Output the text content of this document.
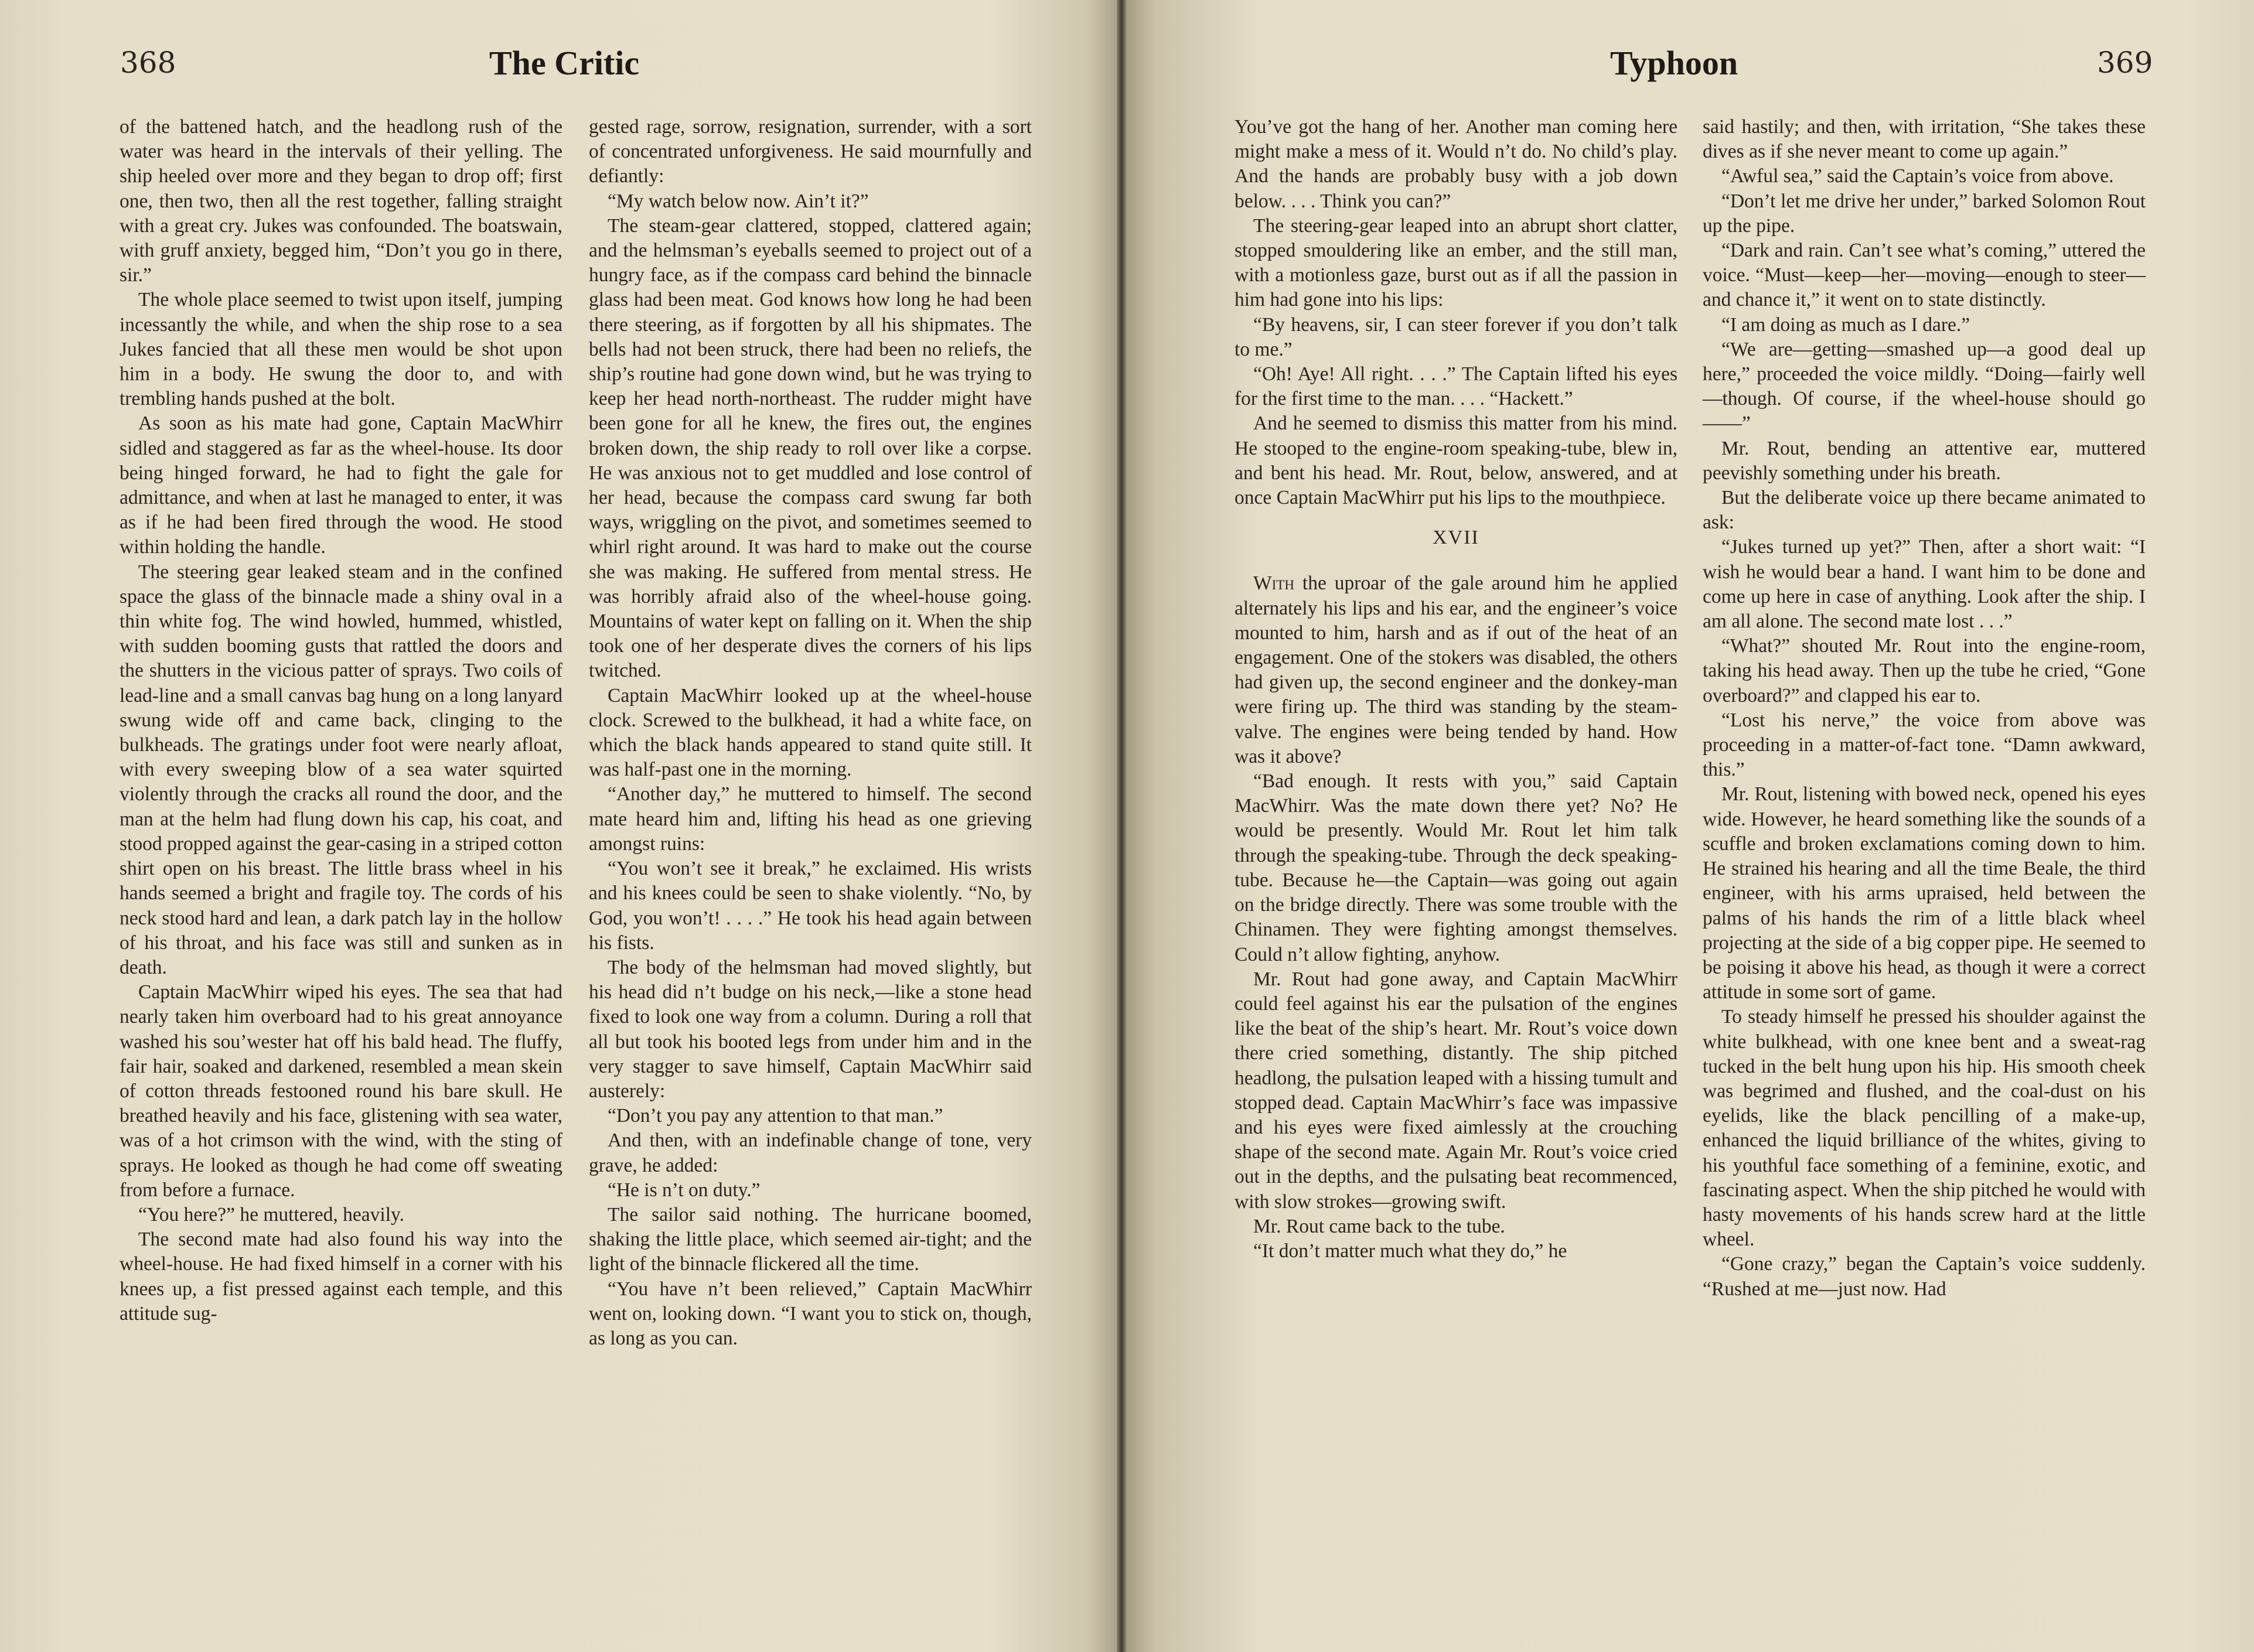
368	The Critic

of the battened hatch, and the headlong rush of the water was heard in the intervals of their yelling. The ship heeled over more and they began to drop off; first one, then two, then all the rest together, falling straight with a great cry. Jukes was confounded. The boatswain, with gruff anxiety, begged him, “Don’t you go in there, sir.”

The whole place seemed to twist upon itself, jumping incessantly the while, and when the ship rose to a sea Jukes fancied that all these men would be shot upon him in a body. He swung the door to, and with trembling hands pushed at the bolt.

As soon as his mate had gone, Captain MacWhirr sidled and staggered as far as the wheel-house. Its door being hinged forward, he had to fight the gale for admittance, and when at last he managed to enter, it was as if he had been fired through the wood. He stood within holding the handle.

The steering gear leaked steam and in the confined space the glass of the binnacle made a shiny oval in a thin white fog. The wind howled, hummed, whistled, with sudden booming gusts that rattled the doors and the shutters in the vicious patter of sprays. Two coils of lead-line and a small canvas bag hung on a long lanyard swung wide off and came back, clinging to the bulkheads. The gratings under foot were nearly afloat, with every sweeping blow of a sea water squirted violently through the cracks all round the door, and the man at the helm had flung down his cap, his coat, and stood propped against the gear-casing in a striped cotton shirt open on his breast. The little brass wheel in his hands seemed a bright and fragile toy. The cords of his neck stood hard and lean, a dark patch lay in the hollow of his throat, and his face was still and sunken as in death.

Captain MacWhirr wiped his eyes. The sea that had nearly taken him overboard had to his great annoyance washed his sou’wester hat off his bald head. The fluffy, fair hair, soaked and darkened, resembled a mean skein of cotton threads festooned round his bare skull. He breathed heavily and his face, glistening with sea water, was of a hot crimson with the wind, with the sting of sprays. He looked as though he had come off sweating from before a furnace.

“You here?” he muttered, heavily.

The second mate had also found his way into the wheel-house. He had fixed himself in a corner with his knees up, a fist pressed against each temple, and this attitude sug-

gested rage, sorrow, resignation, surrender, with a sort of concentrated unforgiveness. He said mournfully and defiantly:

“My watch below now. Ain’t it?”

The steam-gear clattered, stopped, clattered again; and the helmsman’s eyeballs seemed to project out of a hungry face, as if the compass card behind the binnacle glass had been meat. God knows how long he had been there steering, as if forgotten by all his shipmates. The bells had not been struck, there had been no reliefs, the ship’s routine had gone down wind, but he was trying to keep her head north-northeast. The rudder might have been gone for all he knew, the fires out, the engines broken down, the ship ready to roll over like a corpse. He was anxious not to get muddled and lose control of her head, because the compass card swung far both ways, wriggling on the pivot, and sometimes seemed to whirl right around. It was hard to make out the course she was making. He suffered from mental stress. He was horribly afraid also of the wheel-house going. Mountains of water kept on falling on it. When the ship took one of her desperate dives the corners of his lips twitched.

Captain MacWhirr looked up at the wheel-house clock. Screwed to the bulkhead, it had a white face, on which the black hands appeared to stand quite still. It was half-past one in the morning.

“Another day,” he muttered to himself. The second mate heard him and, lifting his head as one grieving amongst ruins:

“You won’t see it break,” he exclaimed. His wrists and his knees could be seen to shake violently. “No, by God, you won’t! . . . .” He took his head again between his fists.

The body of the helmsman had moved slightly, but his head did n’t budge on his neck,—like a stone head fixed to look one way from a column. During a roll that all but took his booted legs from under him and in the very stagger to save himself, Captain MacWhirr said austerely:

“Don’t you pay any attention to that man.”

And then, with an indefinable change of tone, very grave, he added:

“He is n’t on duty.”

The sailor said nothing. The hurricane boomed, shaking the little place, which seemed air-tight; and the light of the binnacle flickered all the time.

“You have n’t been relieved,” Captain MacWhirr went on, looking down. “I want you to stick on, though, as long as you can.

Typhoon	369

You’ve got the hang of her. Another man coming here might make a mess of it. Would n’t do. No child’s play. And the hands are probably busy with a job down below. . . . Think you can?”

The steering-gear leaped into an abrupt short clatter, stopped smouldering like an ember, and the still man, with a motionless gaze, burst out as if all the passion in him had gone into his lips:

“By heavens, sir, I can steer forever if you don’t talk to me.”

“Oh! Aye! All right. . . .” The Captain lifted his eyes for the first time to the man. . . . “Hackett.”

And he seemed to dismiss this matter from his mind. He stooped to the engine-room speaking-tube, blew in, and bent his head. Mr. Rout, below, answered, and at once Captain MacWhirr put his lips to the mouthpiece.

XVII

With the uproar of the gale around him he applied alternately his lips and his ear, and the engineer’s voice mounted to him, harsh and as if out of the heat of an engagement. One of the stokers was disabled, the others had given up, the second engineer and the donkey-man were firing up. The third was standing by the steam-valve. The engines were being tended by hand. How was it above?

“Bad enough. It rests with you,” said Captain MacWhirr. Was the mate down there yet? No? He would be presently. Would Mr. Rout let him talk through the speaking-tube. Through the deck speaking-tube. Because he—the Captain—was going out again on the bridge directly. There was some trouble with the Chinamen. They were fighting amongst themselves. Could n’t allow fighting, anyhow.

Mr. Rout had gone away, and Captain MacWhirr could feel against his ear the pulsation of the engines like the beat of the ship’s heart. Mr. Rout’s voice down there cried something, distantly. The ship pitched headlong, the pulsation leaped with a hissing tumult and stopped dead. Captain MacWhirr’s face was impassive and his eyes were fixed aimlessly at the crouching shape of the second mate. Again Mr. Rout’s voice cried out in the depths, and the pulsating beat recommenced, with slow strokes—growing swift.

Mr. Rout came back to the tube.

“It don’t matter much what they do,” he

said hastily; and then, with irritation, “She takes these dives as if she never meant to come up again.”

“Awful sea,” said the Captain’s voice from above.

“Don’t let me drive her under,” barked Solomon Rout up the pipe.

“Dark and rain. Can’t see what’s coming,” uttered the voice. “Must—keep—her—moving—enough to steer—and chance it,” it went on to state distinctly.

“I am doing as much as I dare.”

“We are—getting—smashed up—a good deal up here,” proceeded the voice mildly. “Doing—fairly well—though. Of course, if the wheel-house should go——”

Mr. Rout, bending an attentive ear, muttered peevishly something under his breath.

But the deliberate voice up there became animated to ask:

“Jukes turned up yet?” Then, after a short wait: “I wish he would bear a hand. I want him to be done and come up here in case of anything. Look after the ship. I am all alone. The second mate lost . . .”

“What?” shouted Mr. Rout into the engine-room, taking his head away. Then up the tube he cried, “Gone overboard?” and clapped his ear to.

“Lost his nerve,” the voice from above was proceeding in a matter-of-fact tone. “Damn awkward, this.”

Mr. Rout, listening with bowed neck, opened his eyes wide. However, he heard something like the sounds of a scuffle and broken exclamations coming down to him. He strained his hearing and all the time Beale, the third engineer, with his arms upraised, held between the palms of his hands the rim of a little black wheel projecting at the side of a big copper pipe. He seemed to be poising it above his head, as though it were a correct attitude in some sort of game.

To steady himself he pressed his shoulder against the white bulkhead, with one knee bent and a sweat-rag tucked in the belt hung upon his hip. His smooth cheek was begrimed and flushed, and the coal-dust on his eyelids, like the black pencilling of a make-up, enhanced the liquid brilliance of the whites, giving to his youthful face something of a feminine, exotic, and fascinating aspect. When the ship pitched he would with hasty movements of his hands screw hard at the little wheel.

“Gone crazy,” began the Captain’s voice suddenly. “Rushed at me—just now. Had
